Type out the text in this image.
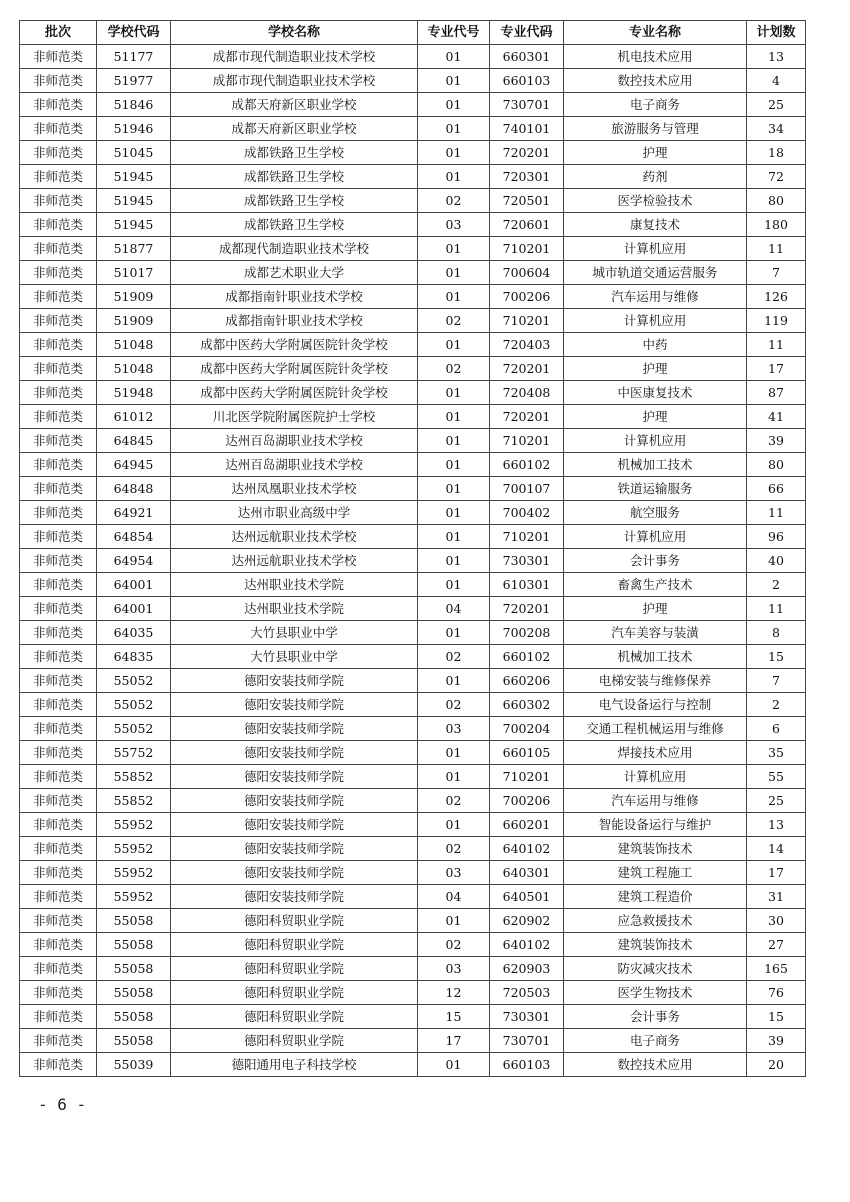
批次	学校代码	学校名称	专业代号	专业代码	专业名称	计划数
非师范类	51177	成都市现代制造职业技术学校	01	660301	机电技术应用	13
非师范类	51977	成都市现代制造职业技术学校	01	660103	数控技术应用	4
非师范类	51846	成都天府新区职业学校	01	730701	电子商务	25
非师范类	51946	成都天府新区职业学校	01	740101	旅游服务与管理	34
非师范类	51045	成都铁路卫生学校	01	720201	护理	18
非师范类	51945	成都铁路卫生学校	01	720301	药剂	72
非师范类	51945	成都铁路卫生学校	02	720501	医学检验技术	80
非师范类	51945	成都铁路卫生学校	03	720601	康复技术	180
非师范类	51877	成都现代制造职业技术学校	01	710201	计算机应用	11
非师范类	51017	成都艺术职业大学	01	700604	城市轨道交通运营服务	7
非师范类	51909	成都指南针职业技术学校	01	700206	汽车运用与维修	126
非师范类	51909	成都指南针职业技术学校	02	710201	计算机应用	119
非师范类	51048	成都中医药大学附属医院针灸学校	01	720403	中药	11
非师范类	51048	成都中医药大学附属医院针灸学校	02	720201	护理	17
非师范类	51948	成都中医药大学附属医院针灸学校	01	720408	中医康复技术	87
非师范类	61012	川北医学院附属医院护士学校	01	720201	护理	41
非师范类	64845	达州百岛湖职业技术学校	01	710201	计算机应用	39
非师范类	64945	达州百岛湖职业技术学校	01	660102	机械加工技术	80
非师范类	64848	达州凤凰职业技术学校	01	700107	铁道运输服务	66
非师范类	64921	达州市职业高级中学	01	700402	航空服务	11
非师范类	64854	达州远航职业技术学校	01	710201	计算机应用	96
非师范类	64954	达州远航职业技术学校	01	730301	会计事务	40
非师范类	64001	达州职业技术学院	01	610301	畜禽生产技术	2
非师范类	64001	达州职业技术学院	04	720201	护理	11
非师范类	64035	大竹县职业中学	01	700208	汽车美容与装潢	8
非师范类	64835	大竹县职业中学	02	660102	机械加工技术	15
非师范类	55052	德阳安装技师学院	01	660206	电梯安装与维修保养	7
非师范类	55052	德阳安装技师学院	02	660302	电气设备运行与控制	2
非师范类	55052	德阳安装技师学院	03	700204	交通工程机械运用与维修	6
非师范类	55752	德阳安装技师学院	01	660105	焊接技术应用	35
非师范类	55852	德阳安装技师学院	01	710201	计算机应用	55
非师范类	55852	德阳安装技师学院	02	700206	汽车运用与维修	25
非师范类	55952	德阳安装技师学院	01	660201	智能设备运行与维护	13
非师范类	55952	德阳安装技师学院	02	640102	建筑装饰技术	14
非师范类	55952	德阳安装技师学院	03	640301	建筑工程施工	17
非师范类	55952	德阳安装技师学院	04	640501	建筑工程造价	31
非师范类	55058	德阳科贸职业学院	01	620902	应急救援技术	30
非师范类	55058	德阳科贸职业学院	02	640102	建筑装饰技术	27
非师范类	55058	德阳科贸职业学院	03	620903	防灾减灾技术	165
非师范类	55058	德阳科贸职业学院	12	720503	医学生物技术	76
非师范类	55058	德阳科贸职业学院	15	730301	会计事务	15
非师范类	55058	德阳科贸职业学院	17	730701	电子商务	39
非师范类	55039	德阳通用电子科技学校	01	660103	数控技术应用	20
- 6 -
